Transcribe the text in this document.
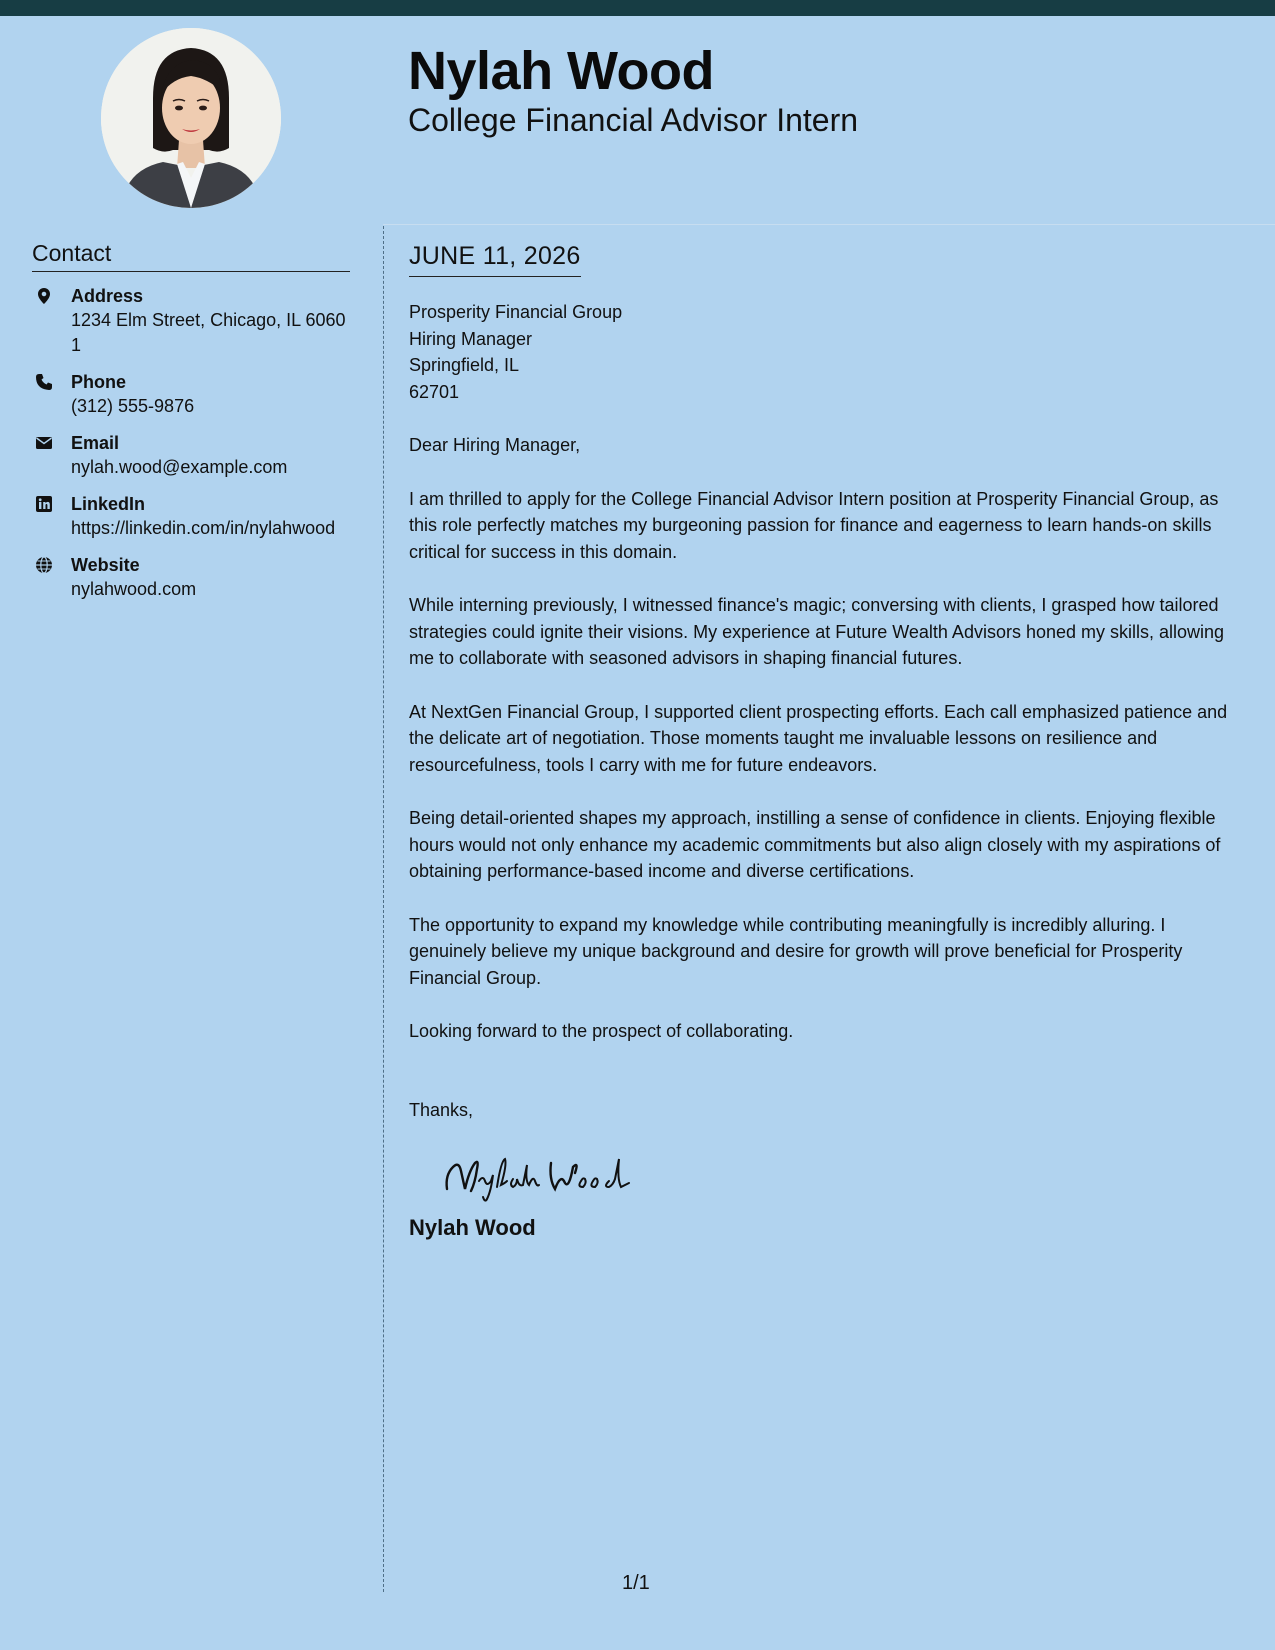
Nylah Wood
College Financial Advisor Intern
Contact
Address
1234 Elm Street, Chicago, IL 60601
Phone
(312) 555-9876
Email
nylah.wood@example.com
LinkedIn
https://linkedin.com/in/nylahwood
Website
nylahwood.com
JUNE 11, 2026
Prosperity Financial Group
Hiring Manager
Springfield, IL
62701
Dear Hiring Manager,

I am thrilled to apply for the College Financial Advisor Intern position at Prosperity Financial Group, as this role perfectly matches my burgeoning passion for finance and eagerness to learn hands-on skills critical for success in this domain.

While interning previously, I witnessed finance's magic; conversing with clients, I grasped how tailored strategies could ignite their visions. My experience at Future Wealth Advisors honed my skills, allowing me to collaborate with seasoned advisors in shaping financial futures.

At NextGen Financial Group, I supported client prospecting efforts. Each call emphasized patience and the delicate art of negotiation. Those moments taught me invaluable lessons on resilience and resourcefulness, tools I carry with me for future endeavors.

Being detail-oriented shapes my approach, instilling a sense of confidence in clients. Enjoying flexible hours would not only enhance my academic commitments but also align closely with my aspirations of obtaining performance-based income and diverse certifications.

The opportunity to expand my knowledge while contributing meaningfully is incredibly alluring. I genuinely believe my unique background and desire for growth will prove beneficial for Prosperity Financial Group.

Looking forward to the prospect of collaborating.
Thanks,
Nylah Wood
1/1
